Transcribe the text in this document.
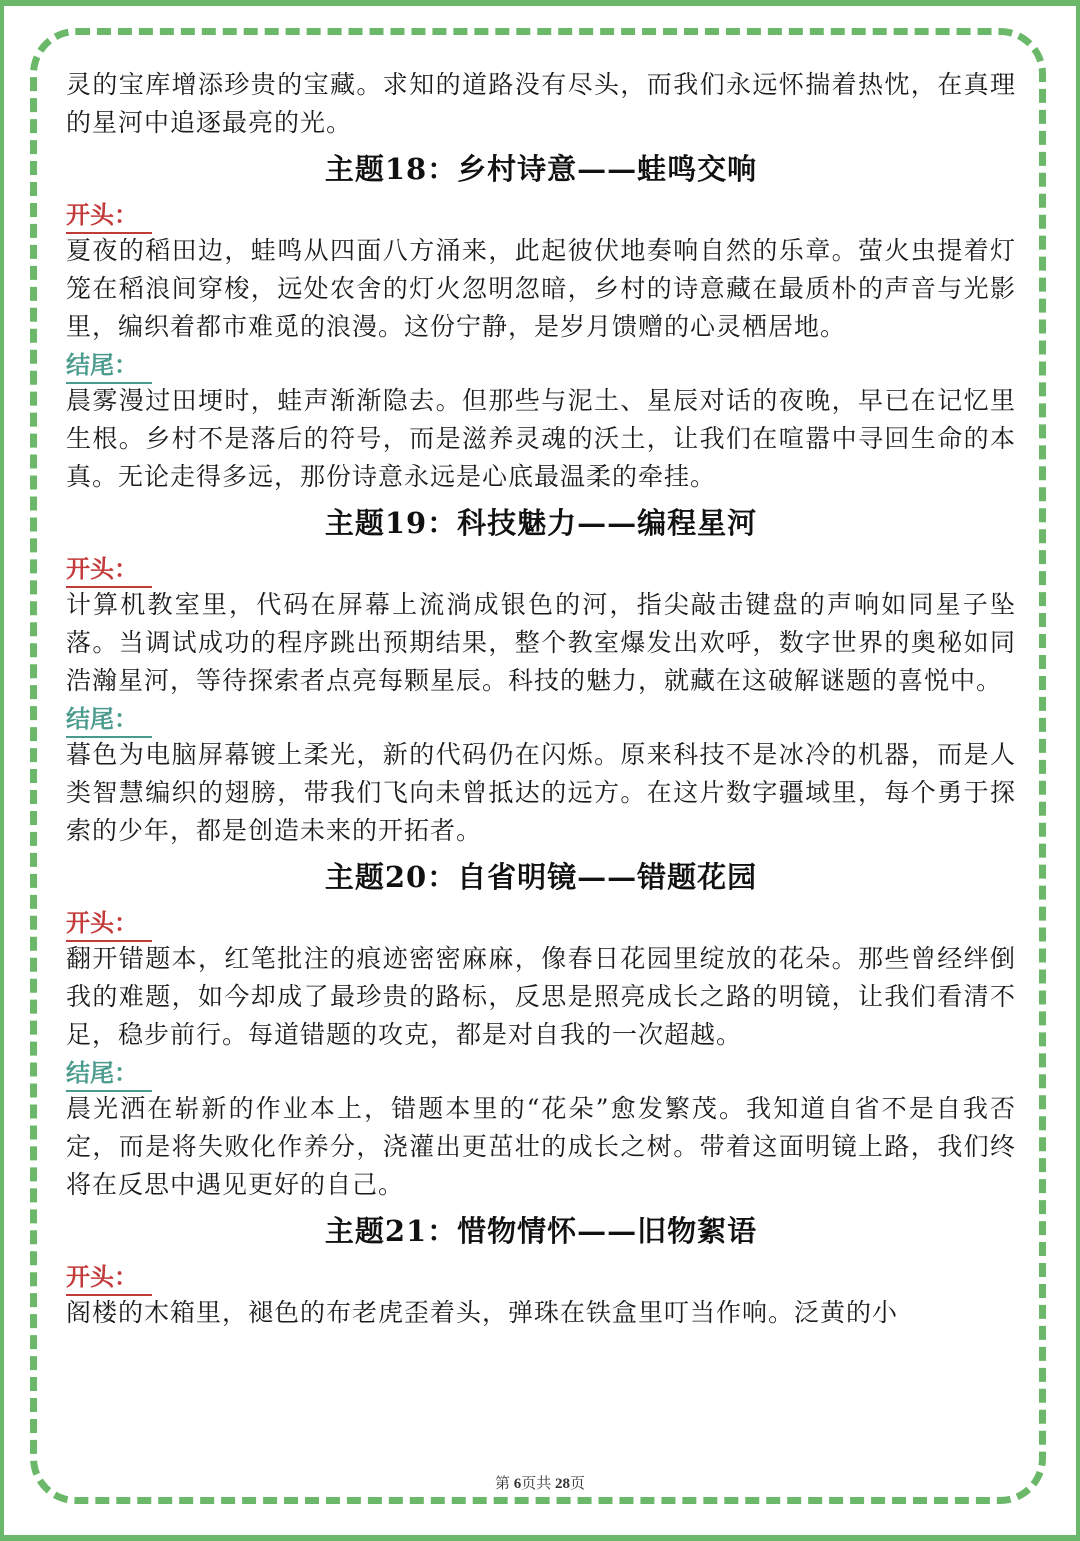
灵的宝库增添珍贵的宝藏。求知的道路没有尽头，而我们永远怀揣着热忱，在真理的星河中追逐最亮的光。

主题18：乡村诗意——蛙鸣交响
开头：

夏夜的稻田边，蛙鸣从四面八方涌来，此起彼伏地奏响自然的乐章。萤火虫提着灯笼在稻浪间穿梭，远处农舍的灯火忽明忽暗，乡村的诗意藏在最质朴的声音与光影里，编织着都市难觅的浪漫。这份宁静，是岁月馈赠的心灵栖居地。

结尾：

晨雾漫过田埂时，蛙声渐渐隐去。但那些与泥土、星辰对话的夜晚，早已在记忆里生根。乡村不是落后的符号，而是滋养灵魂的沃土，让我们在喧嚣中寻回生命的本真。无论走得多远，那份诗意永远是心底最温柔的牵挂。

主题19：科技魅力——编程星河
开头：

计算机教室里，代码在屏幕上流淌成银色的河，指尖敲击键盘的声响如同星子坠落。当调试成功的程序跳出预期结果，整个教室爆发出欢呼，数字世界的奥秘如同浩瀚星河，等待探索者点亮每颗星辰。科技的魅力，就藏在这破解谜题的喜悦中。

结尾：

暮色为电脑屏幕镀上柔光，新的代码仍在闪烁。原来科技不是冰冷的机器，而是人类智慧编织的翅膀，带我们飞向未曾抵达的远方。在这片数字疆域里，每个勇于探索的少年，都是创造未来的开拓者。

主题20：自省明镜——错题花园
开头：

翻开错题本，红笔批注的痕迹密密麻麻，像春日花园里绽放的花朵。那些曾经绊倒我的难题，如今却成了最珍贵的路标，反思是照亮成长之路的明镜，让我们看清不足，稳步前行。每道错题的攻克，都是对自我的一次超越。

结尾：

晨光洒在崭新的作业本上，错题本里的“花朵”愈发繁茂。我知道自省不是自我否定，而是将失败化作养分，浇灌出更茁壮的成长之树。带着这面明镜上路，我们终将在反思中遇见更好的自己。

主题21：惜物情怀——旧物絮语
开头：

阁楼的木箱里，褪色的布老虎歪着头，弹珠在铁盒里叮当作响。泛黄的小

第 6页共 28页
